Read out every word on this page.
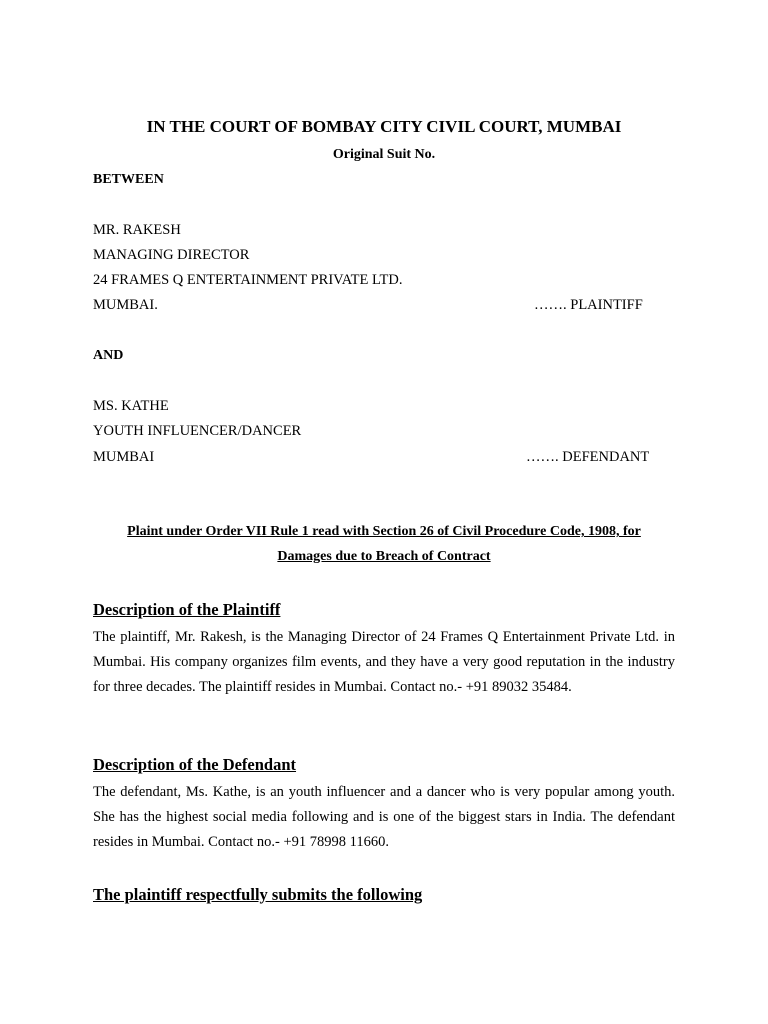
IN THE COURT OF BOMBAY CITY CIVIL COURT, MUMBAI
Original Suit No.
BETWEEN
MR. RAKESH
MANAGING DIRECTOR
24 FRAMES Q ENTERTAINMENT PRIVATE LTD.
MUMBAI.	……. PLAINTIFF
AND
MS. KATHE
YOUTH INFLUENCER/DANCER
MUMBAI	……. DEFENDANT
Plaint under Order VII Rule 1 read with Section 26 of Civil Procedure Code, 1908, for
Damages due to Breach of Contract
Description of the Plaintiff
The plaintiff, Mr. Rakesh, is the Managing Director of 24 Frames Q Entertainment Private Ltd. in Mumbai. His company organizes film events, and they have a very good reputation in the industry for three decades. The plaintiff resides in Mumbai. Contact no.- +91 89032 35484.
Description of the Defendant
The defendant, Ms. Kathe, is an youth influencer and a dancer who is very popular among youth. She has the highest social media following and is one of the biggest stars in India. The defendant resides in Mumbai. Contact no.- +91 78998 11660.
The plaintiff respectfully submits the following
